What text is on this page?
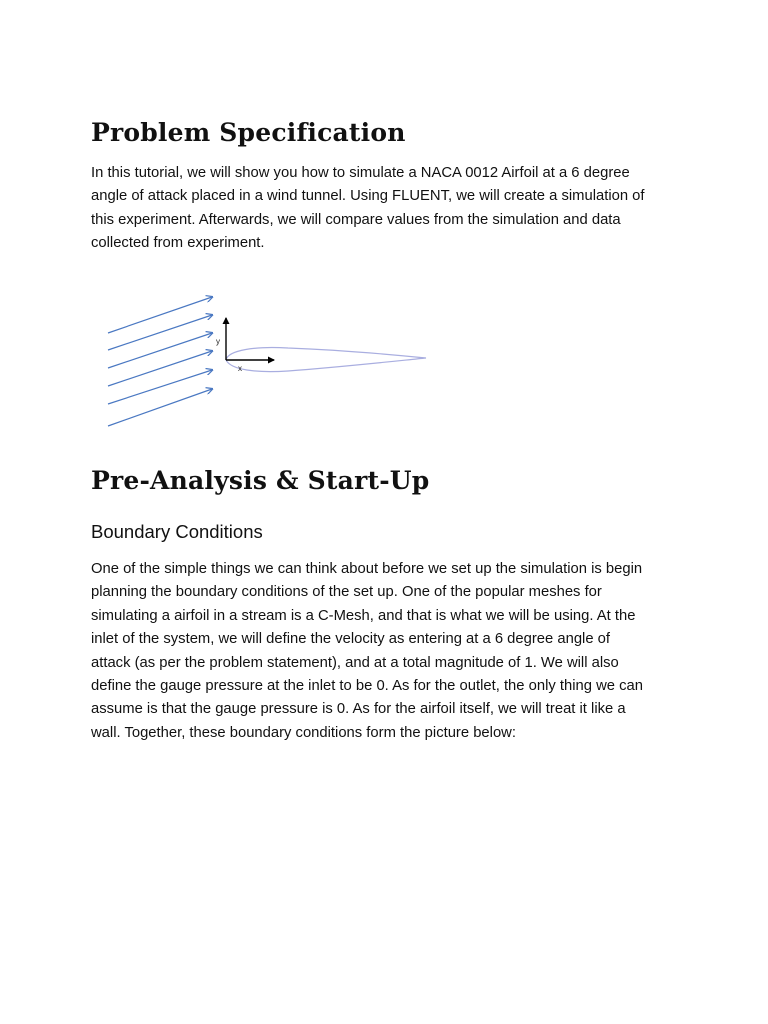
Problem Specification
In this tutorial, we will show you how to simulate a NACA 0012 Airfoil at a 6 degree
angle of attack placed in a wind tunnel. Using FLUENT, we will create a simulation of
this experiment. Afterwards, we will compare values from the simulation and data
collected from experiment.
y
x
Pre-Analysis & Start-Up
Boundary Conditions
One of the simple things we can think about before we set up the simulation is begin
planning the boundary conditions of the set up. One of the popular meshes for
simulating a airfoil in a stream is a C-Mesh, and that is what we will be using. At the
inlet of the system, we will define the velocity as entering at a 6 degree angle of
attack (as per the problem statement), and at a total magnitude of 1. We will also
define the gauge pressure at the inlet to be 0. As for the outlet, the only thing we can
assume is that the gauge pressure is 0. As for the airfoil itself, we will treat it like a
wall. Together, these boundary conditions form the picture below:
